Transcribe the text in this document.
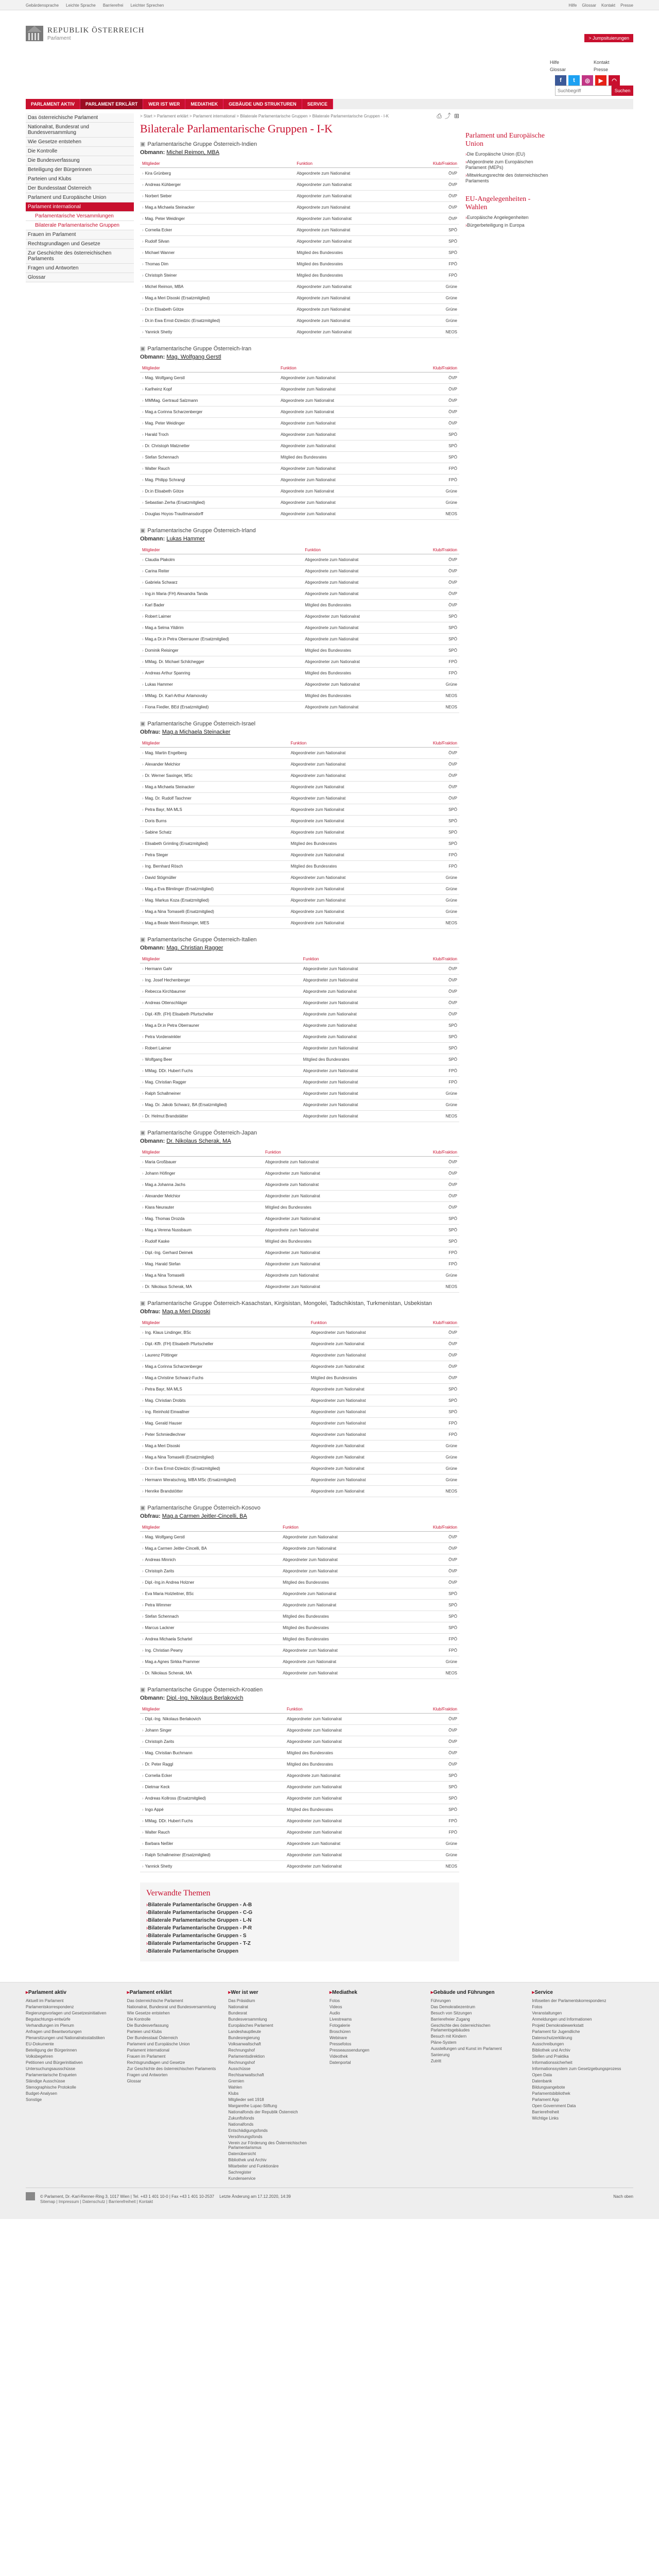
Gebärdensprache Leichte Sprache Barrierefrei Leichter Sprechen	Hilfe Glossar Kontakt Presse
REPUBLIK ÖSTERREICH
Parlament	> Jumpsituierungen
Hilfe
Glossar
Kontakt
Presse
f	t	◎	▶	◠
Suchbegriff
Suchen
PARLAMENT AKTIV	PARLAMENT ERKLÄRT	WER IST WER	MEDIATHEK	GEBÄUDE UND STRUKTUREN	SERVICE
Das österreichische Parlament
Nationalrat, Bundesrat und Bundesversammlung
Wie Gesetze entstehen
Die Kontrolle
Die Bundesverfassung
Beteiligung der Bürgerinnen
Parteien und Klubs
Der Bundesstaat Österreich
Parlament und Europäische Union
Parlament international
Parlamentarische Versammlungen
Bilaterale Parlamentarische Gruppen
Frauen im Parlament
Rechtsgrundlagen und Gesetze
Zur Geschichte des österreichischen Parlaments
Fragen und Antworten
Glossar
> Start > Parlament erklärt > Parlament international > Bilaterale Parlamentarische Gruppen > Bilaterale Parlamentarische Gruppen - I-K	⎙ ⤴ ⊞
Bilaterale Parlamentarische Gruppen - I-K
▣ Parlamentarische Gruppe Österreich-Indien
Obmann: Michel Reimon, MBA
Mitglieder	Funktion	Klub/Fraktion
› Kira Grünberg	Abgeordnete zum Nationalrat	ÖVP
› Andreas Kühberger	Abgeordneter zum Nationalrat	ÖVP
› Norbert Sieber	Abgeordneter zum Nationalrat	ÖVP
› Mag.a Michaela Steinacker	Abgeordnete zum Nationalrat	ÖVP
› Mag. Peter Weidinger	Abgeordneter zum Nationalrat	ÖVP
› Cornelia Ecker	Abgeordnete zum Nationalrat	SPÖ
› Rudolf Silvan	Abgeordneter zum Nationalrat	SPÖ
› Michael Wanner	Mitglied des Bundesrates	SPÖ
› Thomas Dim	Mitglied des Bundesrates	FPÖ
› Christoph Steiner	Mitglied des Bundesrates	FPÖ
› Michel Reimon, MBA	Abgeordneter zum Nationalrat	Grüne
› Mag.a Meri Disoski (Ersatzmitglied)	Abgeordnete zum Nationalrat	Grüne
› Dr.in Elisabeth Götze	Abgeordnete zum Nationalrat	Grüne
› Dr.in Ewa Ernst-Dziedzic (Ersatzmitglied)	Abgeordnete zum Nationalrat	Grüne
› Yannick Shetty	Abgeordneter zum Nationalrat	NEOS
▣ Parlamentarische Gruppe Österreich-Iran
Obmann: Mag. Wolfgang Gerstl
Mitglieder	Funktion	Klub/Fraktion
› Mag. Wolfgang Gerstl	Abgeordneter zum Nationalrat	ÖVP
› Karlheinz Kopf	Abgeordneter zum Nationalrat	ÖVP
› MMMag. Gertraud Salzmann	Abgeordnete zum Nationalrat	ÖVP
› Mag.a Corinna Scharzenberger	Abgeordnete zum Nationalrat	ÖVP
› Mag. Peter Weidinger	Abgeordneter zum Nationalrat	ÖVP
› Harald Troch	Abgeordneter zum Nationalrat	SPÖ
› Dr. Christoph Matznetter	Abgeordneter zum Nationalrat	SPÖ
› Stefan Schennach	Mitglied des Bundesrates	SPÖ
› Walter Rauch	Abgeordneter zum Nationalrat	FPÖ
› Mag. Philipp Schrangl	Abgeordneter zum Nationalrat	FPÖ
› Dr.in Elisabeth Götze	Abgeordnete zum Nationalrat	Grüne
› Sebastian Zerha (Ersatzmitglied)	Abgeordneter zum Nationalrat	Grüne
› Douglas Hoyos-Trauttmansdorff	Abgeordneter zum Nationalrat	NEOS
▣ Parlamentarische Gruppe Österreich-Irland
Obmann: Lukas Hammer
Mitglieder	Funktion	Klub/Fraktion
› Claudia Plakolm	Abgeordnete zum Nationalrat	ÖVP
› Carina Reiter	Abgeordnete zum Nationalrat	ÖVP
› Gabriela Schwarz	Abgeordnete zum Nationalrat	ÖVP
› Ing.in Maria (FH) Alexandra Tanda	Abgeordnete zum Nationalrat	ÖVP
› Karl Bader	Mitglied des Bundesrates	ÖVP
› Robert Laimer	Abgeordneter zum Nationalrat	SPÖ
› Mag.a Selma Yildirim	Abgeordnete zum Nationalrat	SPÖ
› Mag.a Dr.in Petra Oberrauner (Ersatzmitglied)	Abgeordnete zum Nationalrat	SPÖ
› Dominik Reisinger	Mitglied des Bundesrates	SPÖ
› MMag. Dr. Michael Schilchegger	Abgeordneter zum Nationalrat	FPÖ
› Andreas Arthur Spanring	Mitglied des Bundesrates	FPÖ
› Lukas Hammer	Abgeordneter zum Nationalrat	Grüne
› MMag. Dr. Karl-Arthur Arlamovsky	Mitglied des Bundesrates	NEOS
› Fiona Fiedler, BEd (Ersatzmitglied)	Abgeordnete zum Nationalrat	NEOS
▣ Parlamentarische Gruppe Österreich-Israel
Obfrau: Mag.a Michaela Steinacker
Mitglieder	Funktion	Klub/Fraktion
› Mag. Martin Engelberg	Abgeordneter zum Nationalrat	ÖVP
› Alexander Melchior	Abgeordneter zum Nationalrat	ÖVP
› Dr. Werner Saxinger, MSc	Abgeordneter zum Nationalrat	ÖVP
› Mag.a Michaela Steinacker	Abgeordnete zum Nationalrat	ÖVP
› Mag. Dr. Rudolf Taschner	Abgeordneter zum Nationalrat	ÖVP
› Petra Bayr, MA MLS	Abgeordnete zum Nationalrat	SPÖ
› Doris Burns	Abgeordnete zum Nationalrat	SPÖ
› Sabine Schatz	Abgeordnete zum Nationalrat	SPÖ
› Elisabeth Grimling (Ersatzmitglied)	Mitglied des Bundesrates	SPÖ
› Petra Steger	Abgeordnete zum Nationalrat	FPÖ
› Ing. Bernhard Rösch	Mitglied des Bundesrates	FPÖ
› David Stögmüller	Abgeordneter zum Nationalrat	Grüne
› Mag.a Eva Blimlinger (Ersatzmitglied)	Abgeordnete zum Nationalrat	Grüne
› Mag. Markus Koza (Ersatzmitglied)	Abgeordneter zum Nationalrat	Grüne
› Mag.a Nina Tomaselli (Ersatzmitglied)	Abgeordnete zum Nationalrat	Grüne
› Mag.a Beate Meinl-Reisinger, MES	Abgeordnete zum Nationalrat	NEOS
▣ Parlamentarische Gruppe Österreich-Italien
Obmann: Mag. Christian Ragger
Mitglieder	Funktion	Klub/Fraktion
› Hermann Gahr	Abgeordneter zum Nationalrat	ÖVP
› Ing. Josef Hechenberger	Abgeordneter zum Nationalrat	ÖVP
› Rebecca Kirchbaumer	Abgeordnete zum Nationalrat	ÖVP
› Andreas Ottenschläger	Abgeordneter zum Nationalrat	ÖVP
› Dipl.-Kffr. (FH) Elisabeth Pfurtscheller	Abgeordnete zum Nationalrat	ÖVP
› Mag.a Dr.in Petra Oberrauner	Abgeordnete zum Nationalrat	SPÖ
› Petra Vorderwinkler	Abgeordnete zum Nationalrat	SPÖ
› Robert Laimer	Abgeordneter zum Nationalrat	SPÖ
› Wolfgang Beer	Mitglied des Bundesrates	SPÖ
› MMag. DDr. Hubert Fuchs	Abgeordneter zum Nationalrat	FPÖ
› Mag. Christian Ragger	Abgeordneter zum Nationalrat	FPÖ
› Ralph Schallmeiner	Abgeordneter zum Nationalrat	Grüne
› Mag. Dr. Jakob Schwarz, BA (Ersatzmitglied)	Abgeordneter zum Nationalrat	Grüne
› Dr. Helmut Brandstätter	Abgeordneter zum Nationalrat	NEOS
▣ Parlamentarische Gruppe Österreich-Japan
Obmann: Dr. Nikolaus Scherak, MA
Mitglieder	Funktion	Klub/Fraktion
› Maria Großbauer	Abgeordnete zum Nationalrat	ÖVP
› Johann Höfinger	Abgeordneter zum Nationalrat	ÖVP
› Mag.a Johanna Jachs	Abgeordnete zum Nationalrat	ÖVP
› Alexander Melchior	Abgeordneter zum Nationalrat	ÖVP
› Klara Neurauter	Mitglied des Bundesrates	ÖVP
› Mag. Thomas Drozda	Abgeordneter zum Nationalrat	SPÖ
› Mag.a Verena Nussbaum	Abgeordnete zum Nationalrat	SPÖ
› Rudolf Kaske	Mitglied des Bundesrates	SPÖ
› Dipl.-Ing. Gerhard Deimek	Abgeordneter zum Nationalrat	FPÖ
› Mag. Harald Stefan	Abgeordneter zum Nationalrat	FPÖ
› Mag.a Nina Tomaselli	Abgeordnete zum Nationalrat	Grüne
› Dr. Nikolaus Scherak, MA	Abgeordneter zum Nationalrat	NEOS
▣ Parlamentarische Gruppe Österreich-Kasachstan, Kirgisistan, Mongolei, Tadschikistan, Turkmenistan, Usbekistan
Obfrau: Mag.a Meri Disoski
Mitglieder	Funktion	Klub/Fraktion
› Ing. Klaus Lindinger, BSc	Abgeordneter zum Nationalrat	ÖVP
› Dipl.-Kffr. (FH) Elisabeth Pfurtscheller	Abgeordnete zum Nationalrat	ÖVP
› Laurenz Pöttinger	Abgeordneter zum Nationalrat	ÖVP
› Mag.a Corinna Scharzenberger	Abgeordnete zum Nationalrat	ÖVP
› Mag.a Christine Schwarz-Fuchs	Mitglied des Bundesrates	ÖVP
› Petra Bayr, MA MLS	Abgeordnete zum Nationalrat	SPÖ
› Mag. Christian Drobits	Abgeordneter zum Nationalrat	SPÖ
› Ing. Reinhold Einwallner	Abgeordneter zum Nationalrat	SPÖ
› Mag. Gerald Hauser	Abgeordneter zum Nationalrat	FPÖ
› Peter Schmiedlechner	Abgeordneter zum Nationalrat	FPÖ
› Mag.a Meri Disoski	Abgeordnete zum Nationalrat	Grüne
› Mag.a Nina Tomaselli (Ersatzmitglied)	Abgeordnete zum Nationalrat	Grüne
› Dr.in Ewa Ernst-Dziedzic (Ersatzmitglied)	Abgeordnete zum Nationalrat	Grüne
› Hermann Weratschnig, MBA MSc (Ersatzmitglied)	Abgeordneter zum Nationalrat	Grüne
› Henrike Brandstötter	Abgeordnete zum Nationalrat	NEOS
▣ Parlamentarische Gruppe Österreich-Kosovo
Obfrau: Mag.a Carmen Jeitler-Cincelli, BA
Mitglieder	Funktion	Klub/Fraktion
› Mag. Wolfgang Gerstl	Abgeordneter zum Nationalrat	ÖVP
› Mag.a Carmen Jeitler-Cincelli, BA	Abgeordnete zum Nationalrat	ÖVP
› Andreas Minnich	Abgeordneter zum Nationalrat	ÖVP
› Christoph Zarits	Abgeordneter zum Nationalrat	ÖVP
› Dipl.-Ing.in Andrea Holzner	Mitglied des Bundesrates	ÖVP
› Eva Maria Holzleitner, BSc	Abgeordnete zum Nationalrat	SPÖ
› Petra Wimmer	Abgeordnete zum Nationalrat	SPÖ
› Stefan Schennach	Mitglied des Bundesrates	SPÖ
› Marcus Lackner	Mitglied des Bundesrates	SPÖ
› Andrea Michaela Schartel	Mitglied des Bundesrates	FPÖ
› Ing. Christian Pewny	Abgeordneter zum Nationalrat	FPÖ
› Mag.a Agnes Sirkka Prammer	Abgeordnete zum Nationalrat	Grüne
› Dr. Nikolaus Scherak, MA	Abgeordneter zum Nationalrat	NEOS
▣ Parlamentarische Gruppe Österreich-Kroatien
Obmann: Dipl.-Ing. Nikolaus Berlakovich
Mitglieder	Funktion	Klub/Fraktion
› Dipl.-Ing. Nikolaus Berlakovich	Abgeordneter zum Nationalrat	ÖVP
› Johann Singer	Abgeordneter zum Nationalrat	ÖVP
› Christoph Zarits	Abgeordneter zum Nationalrat	ÖVP
› Mag. Christian Buchmann	Mitglied des Bundesrates	ÖVP
› Dr. Peter Raggl	Mitglied des Bundesrates	ÖVP
› Cornelia Ecker	Abgeordnete zum Nationalrat	SPÖ
› Dietmar Keck	Abgeordneter zum Nationalrat	SPÖ
› Andreas Kollross (Ersatzmitglied)	Abgeordneter zum Nationalrat	SPÖ
› Ingo Appé	Mitglied des Bundesrates	SPÖ
› MMag. DDr. Hubert Fuchs	Abgeordneter zum Nationalrat	FPÖ
› Walter Rauch	Abgeordneter zum Nationalrat	FPÖ
› Barbara Neßler	Abgeordnete zum Nationalrat	Grüne
› Ralph Schallmeiner (Ersatzmitglied)	Abgeordneter zum Nationalrat	Grüne
› Yannick Shetty	Abgeordneter zum Nationalrat	NEOS
Verwandte Themen
› Bilaterale Parlamentarische Gruppen - A-B
› Bilaterale Parlamentarische Gruppen - C-G
› Bilaterale Parlamentarische Gruppen - L-N
› Bilaterale Parlamentarische Gruppen - P-R
› Bilaterale Parlamentarische Gruppen - S
› Bilaterale Parlamentarische Gruppen - T-Z
› Bilaterale Parlamentarische Gruppen
Parlament und Europäische Union
› Die Europäische Union (EU)
› Abgeordnete zum Europäischen Parlament (MEPs)
› Mitwirkungsrechte des österreichischen Parlaments
EU-Angelegenheiten - Wahlen
› Europäische Angelegenheiten
› Bürgerbeteiligung in Europa
▸ Parlament aktiv
Aktuell im Parlament
Parlamentskorrespondenz
Regierungsvorlagen und Gesetzesinitiativen
Begutachtungs-entwürfe
Verhandlungen im Plenum
Anfragen und Beantwortungen
Plenarsitzungen und Nationalratsstatistiken
EU-Dokumente
Beteiligung der Bürgerinnen
Volksbegehren
Petitionen und Bürgerinitiativen
Untersuchungsausschüsse
Parlamentarische Enqueten
Ständige Ausschüsse
Stenographische Protokolle
Budget-Analysen
Sonstige
▸ Parlament erklärt
Das österreichische Parlament
Nationalrat, Bundesrat und Bundesversammlung
Wie Gesetze entstehen
Die Kontrolle
Die Bundesverfassung
Parteien und Klubs
Der Bundesstaat Österreich
Parlament und Europäische Union
Parlament international
Frauen im Parlament
Rechtsgrundlagen und Gesetze
Zur Geschichte des österreichischen Parlaments
Fragen und Antworten
Glossar
▸ Wer ist wer
Das Präsidium
Nationalrat
Bundesrat
Bundesversammlung
Europäisches Parlament
Landeshauptleute
Bundesregierung
Volksanwaltschaft
Rechnungshof
Parlamentsdirektion
Rechnungshof
Ausschüsse
Rechtsanwaltschaft
Gremien
Wahlen
Klubs
Mitglieder seit 1918
Margarethe Lupac-Stiftung
Nationalfonds der Republik Österreich
Zukunftsfonds
Nationalfonds
Entschädigungsfonds
Versöhnungsfonds
Verein zur Förderung des Österreichischen Parlamentarismus
Datenübersicht
Bibliothek und Archiv
Mitarbeiter und Funktionäre
Sachregister
Kundenservice
▸ Mediathek
Fotos
Videos
Audio
Livestreams
Fotogalerie
Broschüren
Webinare
Pressefotos
Presseaussendungen
Videothek
Datenportal
▸ Gebäude und Führungen
Führungen
Das Demokratiezentrum
Besuch von Sitzungen
Barrierefreier Zugang
Geschichte des österreichischen Parlamentsgebäudes
Besuch mit Kindern
Pläne-System
Ausstellungen und Kunst im Parlament
Sanierung
Zutritt
▸ Service
Infoseiten der Parlamentskorrespondenz
Fotos
Veranstaltungen
Anmeldungen und Informationen
Projekt Demokratiewerkstatt
Parlament für Jugendliche
Datenschutzerklärung
Ausschreibungen
Bibliothek und Archiv
Stellen und Praktika
Informationssicherheit
Informationssystem zum Gesetzgebungsprozess
Open Data
Datenbank
Bildungsangebote
Parlamentsbibliothek
Parlament App
Open Government Data
Barrierefreiheit
Wichtige Links
© Parlament, Dr.-Karl-Renner-Ring 3, 1017 Wien | Tel. +43 1 401 10-0 | Fax +43 1 401 10-2537 Letzte Änderung am 17.12.2020, 14:39	Nach oben
Sitemap | Impressum | Datenschutz | Barrierefreiheit | Kontakt
